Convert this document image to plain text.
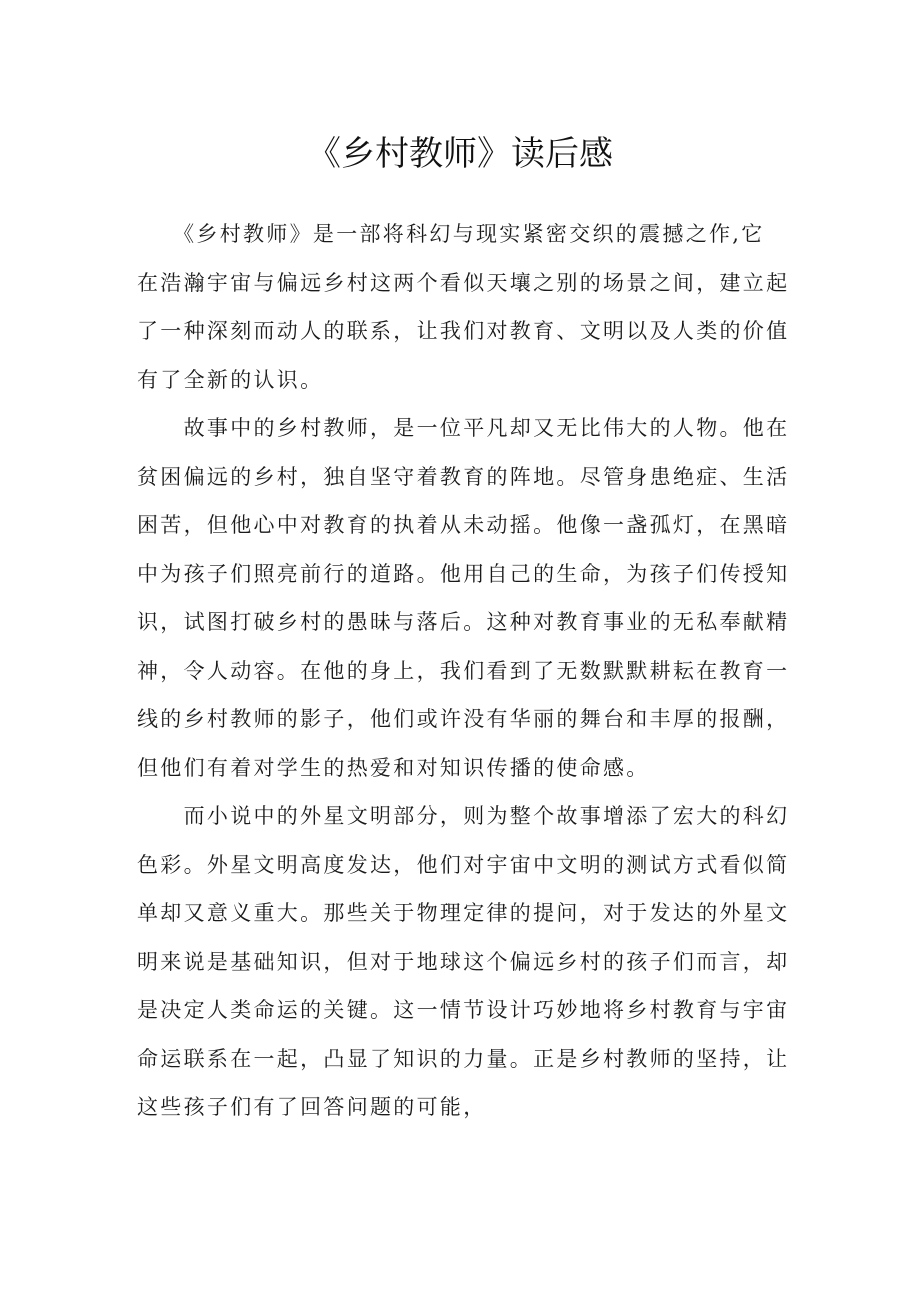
《乡村教师》读后感
　　《乡村教师》是一部将科幻与现实紧密交织的震撼之作,它
在浩瀚宇宙与偏远乡村这两个看似天壤之别的场景之间，建立起
了一种深刻而动人的联系，让我们对教育、文明以及人类的价值
有了全新的认识。
　　故事中的乡村教师，是一位平凡却又无比伟大的人物。他在
贫困偏远的乡村，独自坚守着教育的阵地。尽管身患绝症、生活
困苦，但他心中对教育的执着从未动摇。他像一盏孤灯，在黑暗
中为孩子们照亮前行的道路。他用自己的生命，为孩子们传授知
识，试图打破乡村的愚昧与落后。这种对教育事业的无私奉献精
神，令人动容。在他的身上，我们看到了无数默默耕耘在教育一
线的乡村教师的影子，他们或许没有华丽的舞台和丰厚的报酬，
但他们有着对学生的热爱和对知识传播的使命感。
　　而小说中的外星文明部分，则为整个故事增添了宏大的科幻
色彩。外星文明高度发达，他们对宇宙中文明的测试方式看似简
单却又意义重大。那些关于物理定律的提问，对于发达的外星文
明来说是基础知识，但对于地球这个偏远乡村的孩子们而言，却
是决定人类命运的关键。这一情节设计巧妙地将乡村教育与宇宙
命运联系在一起，凸显了知识的力量。正是乡村教师的坚持，让
这些孩子们有了回答问题的可能，
